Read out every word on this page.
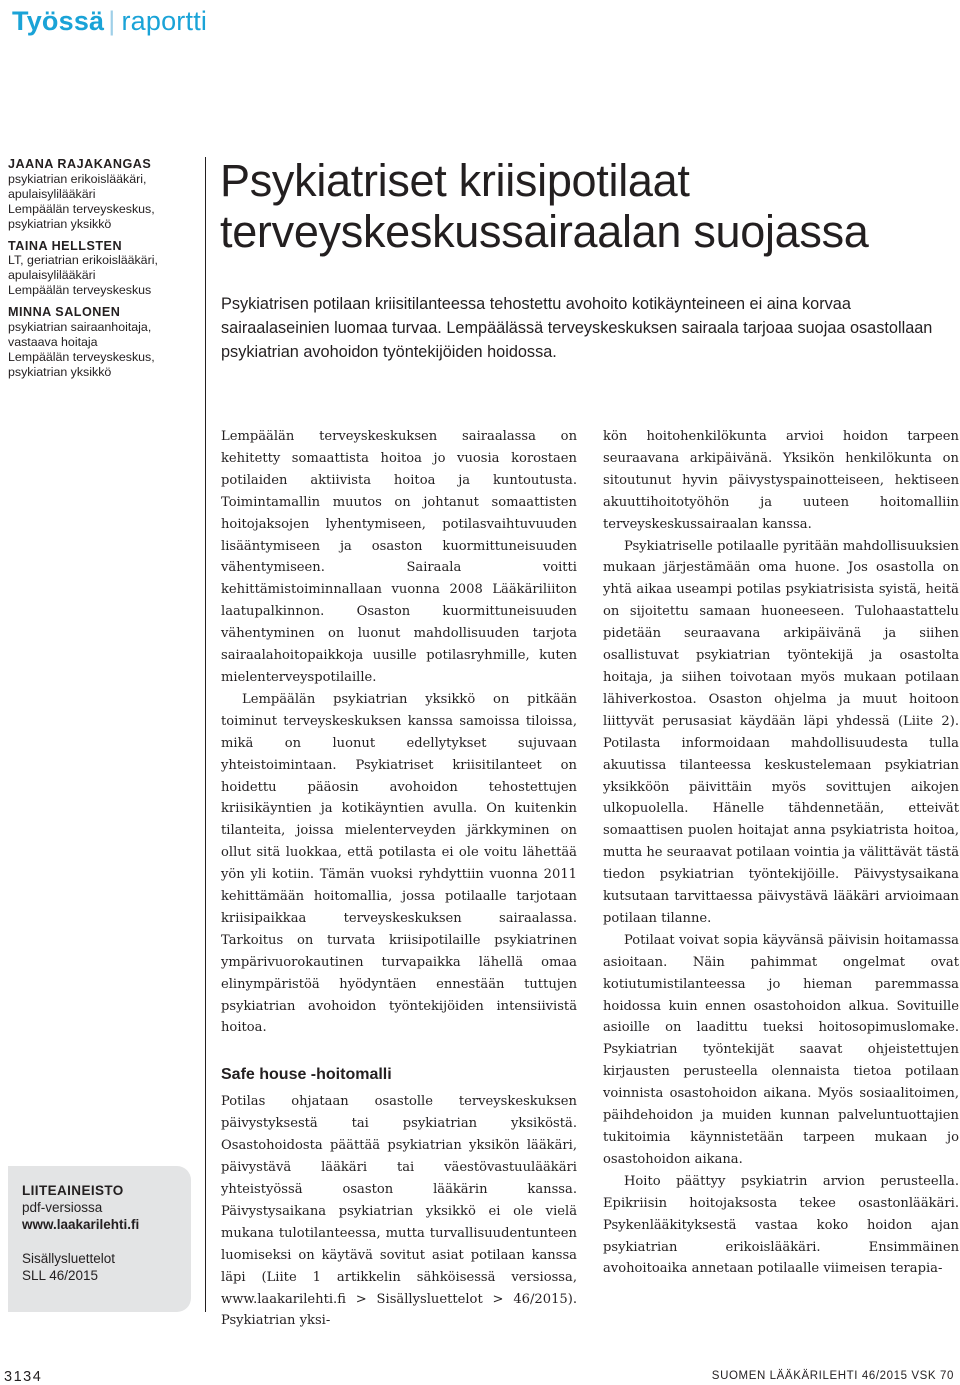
Työssä | raportti
JAANA RAJAKANGAS
psykiatrian erikoislääkäri,
apulaisylilääkäri
Lempäälän terveyskeskus,
psykiatrian yksikkö
TAINA HELLSTEN
LT, geriatrian erikoislääkäri,
apulaisylilääkäri
Lempäälän terveyskeskus
MINNA SALONEN
psykiatrian sairaanhoitaja,
vastaava hoitaja
Lempäälän terveyskeskus,
psykiatrian yksikkö
Psykiatriset kriisipotilaat
terveyskeskussairaalan suojassa
Psykiatrisen potilaan kriisitilanteessa tehostettu avohoito kotikäynteineen ei aina korvaa sairaalaseinien luomaa turvaa. Lempäälässä terveyskeskuksen sairaala tarjoaa suojaa osastollaan psykiatrian avohoidon työntekijöiden hoidossa.

Lempäälän terveyskeskuksen sairaalassa on kehitetty somaattista hoitoa jo vuosia korostaen potilaiden aktiivista hoitoa ja kuntoutusta. Toimintamallin muutos on johtanut somaattisten hoitojaksojen lyhentymiseen, potilasvaihtuvuuden lisääntymiseen ja osaston kuormittuneisuuden vähentymiseen. Sairaala voitti kehittämistoiminnallaan vuonna 2008 Lääkäriliiton laatupalkinnon. Osaston kuormittuneisuuden vähentyminen on luonut mahdollisuuden tarjota sairaalahoitopaikkoja uusille potilasryhmille, kuten mielenterveyspotilaille.

Lempäälän psykiatrian yksikkö on pitkään toiminut terveyskeskuksen kanssa samoissa tiloissa, mikä on luonut edellytykset sujuvaan yhteistoimintaan. Psykiatriset kriisitilanteet on hoidettu pääosin avohoidon tehostettujen kriisikäyntien ja kotikäyntien avulla. On kuitenkin tilanteita, joissa mielenterveyden järkkyminen on ollut sitä luokkaa, että potilasta ei ole voitu lähettää yön yli kotiin. Tämän vuoksi ryhdyttiin vuonna 2011 kehittämään hoitomallia, jossa potilaalle tarjotaan kriisipaikkaa terveyskeskuksen sairaalassa. Tarkoitus on turvata kriisipotilaille psykiatrinen ympärivuorokautinen turvapaikka lähellä omaa elinympäristöä hyödyntäen ennestään tuttujen psykiatrian avohoidon työntekijöiden intensiivistä hoitoa.

Safe house -hoitomalli

Potilas ohjataan osastolle terveyskeskuksen päivystyksestä tai psykiatrian yksiköstä. Osastohoidosta päättää psykiatrian yksikön lääkäri, päivystävä lääkäri tai väestövastuulääkäri yhteistyössä osaston lääkärin kanssa. Päivystysaikana psykiatrian yksikkö ei ole vielä mukana tulotilanteessa, mutta turvallisuudentunteen luomiseksi on käytävä sovitut asiat potilaan kanssa läpi (Liite 1 artikkelin sähköisessä versiossa, www.laakarilehti.fi > Sisällysluettelot > 46/2015). Psykiatrian yksi-

kön hoitohenkilökunta arvioi hoidon tarpeen seuraavana arkipäivänä. Yksikön henkilökunta on sitoutunut hyvin päivystyspainotteiseen, hektiseen akuuttihoitotyöhön ja uuteen hoitomalliin terveyskeskussairaalan kanssa.

Psykiatriselle potilaalle pyritään mahdollisuuksien mukaan järjestämään oma huone. Jos osastolla on yhtä aikaa useampi potilas psykiatrisista syistä, heitä on sijoitettu samaan huoneeseen. Tulohaastattelu pidetään seuraavana arkipäivänä ja siihen osallistuvat psykiatrian työntekijä ja osastolta hoitaja, ja siihen toivotaan myös mukaan potilaan lähiverkostoa. Osaston ohjelma ja muut hoitoon liittyvät perusasiat käydään läpi yhdessä (Liite 2). Potilasta informoidaan mahdollisuudesta tulla akuutissa tilanteessa keskustelemaan psykiatrian yksikköön päivittäin myös sovittujen aikojen ulkopuolella. Hänelle tähdennetään, etteivät somaattisen puolen hoitajat anna psykiatrista hoitoa, mutta he seuraavat potilaan vointia ja välittävät tästä tiedon psykiatrian työntekijöille. Päivystysaikana kutsutaan tarvittaessa päivystävä lääkäri arvioimaan potilaan tilanne.

Potilaat voivat sopia käyvänsä päivisin hoitamassa asioitaan. Näin pahimmat ongelmat ovat kotiutumistilanteessa jo hieman paremmassa hoidossa kuin ennen osastohoidon alkua. Sovituille asioille on laadittu tueksi hoitosopimuslomake. Psykiatrian työntekijät saavat ohjeistettujen kirjausten perusteella olennaista tietoa potilaan voinnista osastohoidon aikana. Myös sosiaalitoimen, päihdehoidon ja muiden kunnan palveluntuottajien tukitoimia käynnistetään tarpeen mukaan jo osastohoidon aikana.

Hoito päättyy psykiatrin arvion perusteella. Epikriisin hoitojaksosta tekee osastonlääkäri. Psykenlääkityksestä vastaa koko hoidon ajan psykiatrian erikoislääkäri. Ensimmäinen avohoitoaika annetaan potilaalle viimeisen terapia-

LIITEAINEISTO
pdf-versiossa
www.laakarilehti.fi
Sisällysluettelot
SLL 46/2015
3134	SUOMEN LÄÄKÄRILEHTI 46/2015 VSK 70
